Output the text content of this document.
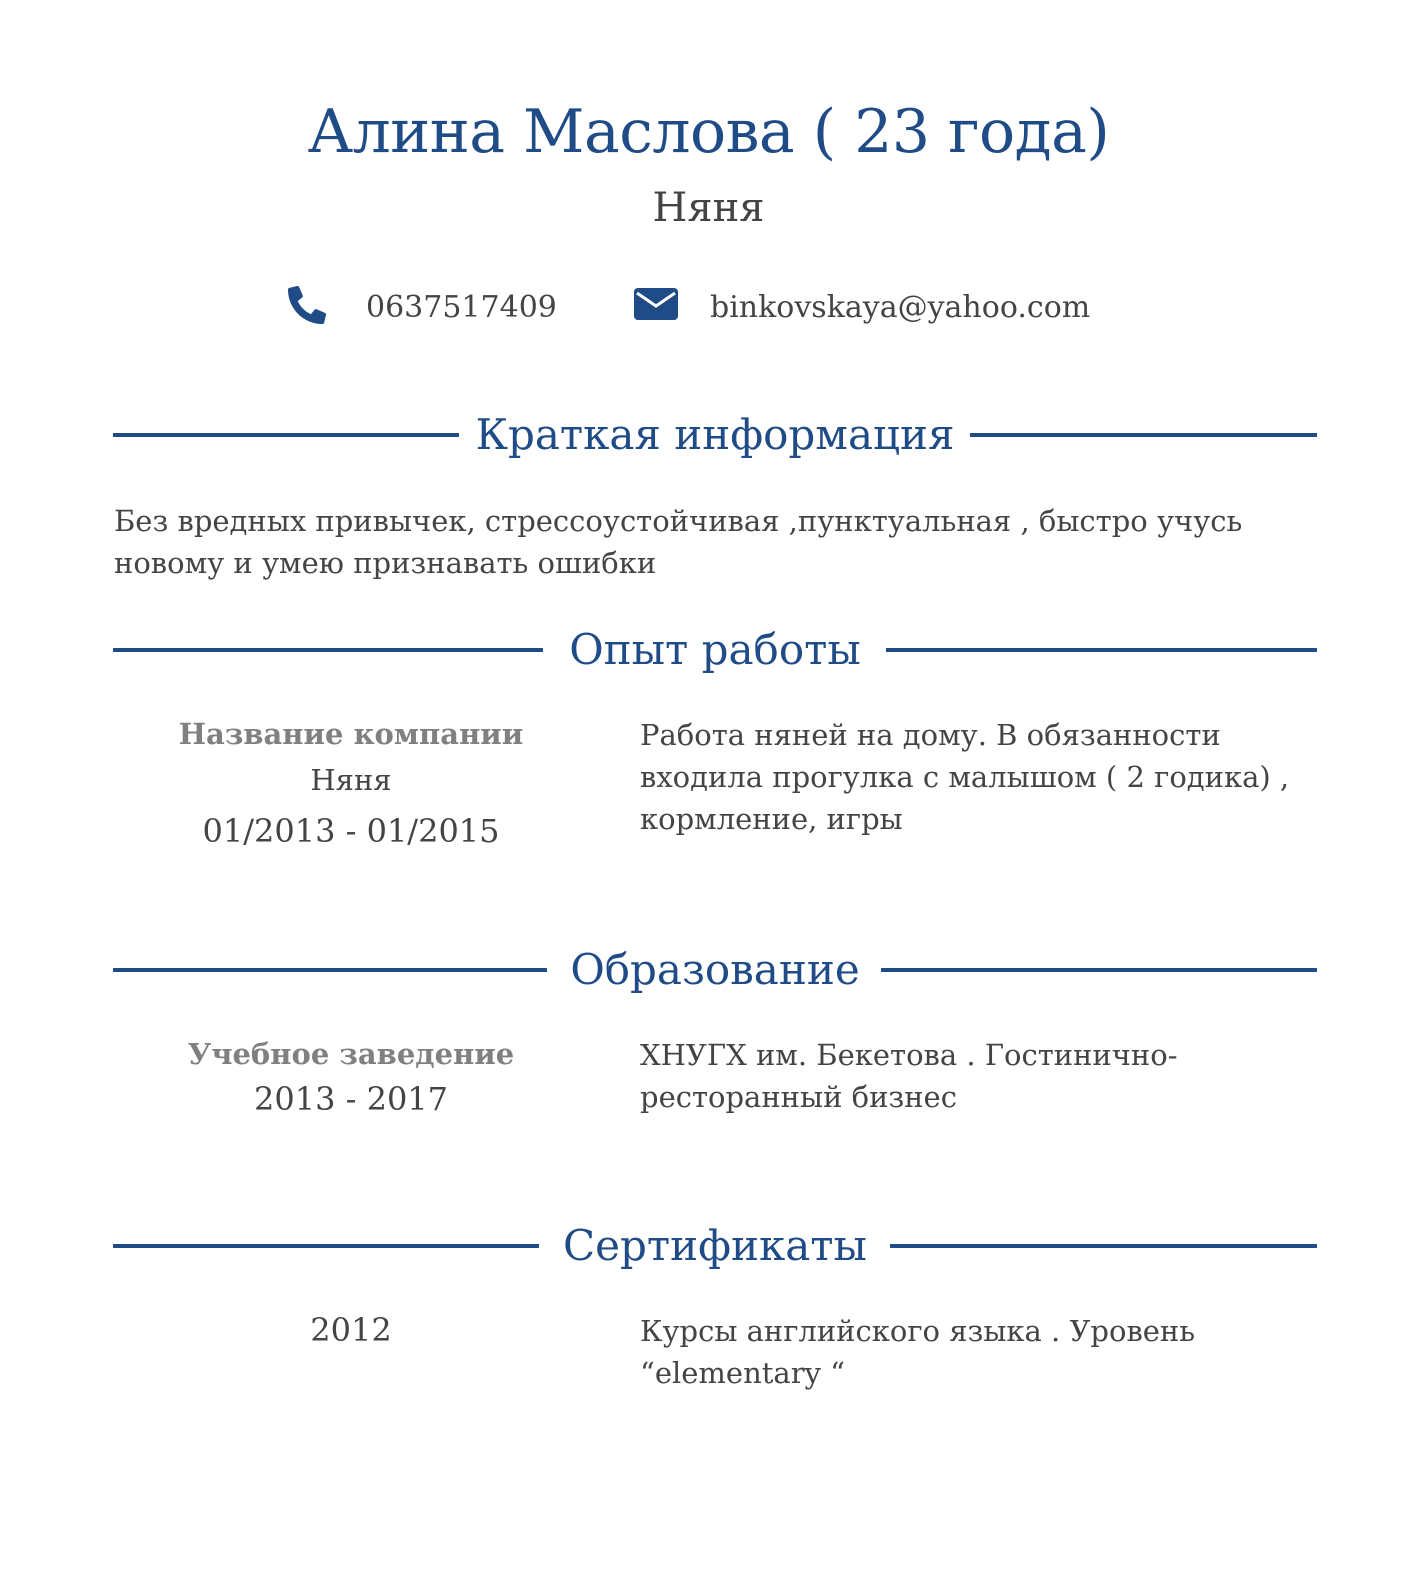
Алина Маслова ( 23 года)
Няня
0637517409	binkovskaya@yahoo.com
Краткая информация
Без вредных привычек, стрессоустойчивая ,пунктуальная , быстро учусь новому и умею признавать ошибки
Опыт работы
Название компании
Няня
01/2013 - 01/2015
Работа няней на дому. В обязанности входила прогулка с малышом ( 2 годика) , кормление, игры
Образование
Учебное заведение
2013 - 2017
ХНУГХ им. Бекетова . Гостинично-ресторанный бизнес
Сертификаты
2012	Курсы английского языка . Уровень “elementary “
